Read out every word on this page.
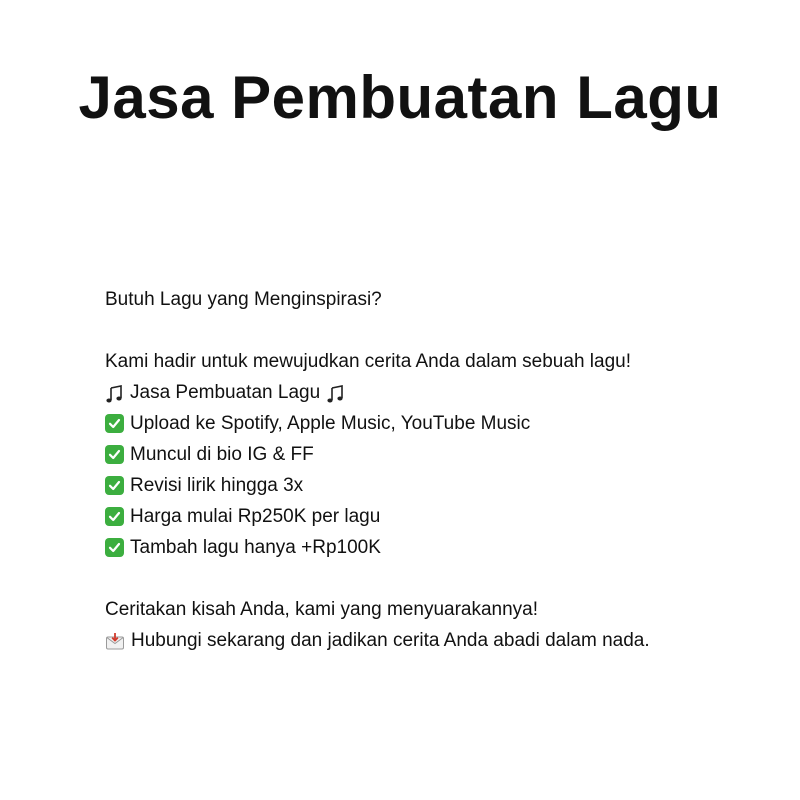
Jasa Pembuatan Lagu
Butuh Lagu yang Menginspirasi?
Kami hadir untuk mewujudkan cerita Anda dalam sebuah lagu!
Jasa Pembuatan Lagu
Upload ke Spotify, Apple Music, YouTube Music
Muncul di bio IG & FF
Revisi lirik hingga 3x
Harga mulai Rp250K per lagu
Tambah lagu hanya +Rp100K
Ceritakan kisah Anda, kami yang menyuarakannya!
Hubungi sekarang dan jadikan cerita Anda abadi dalam nada.
